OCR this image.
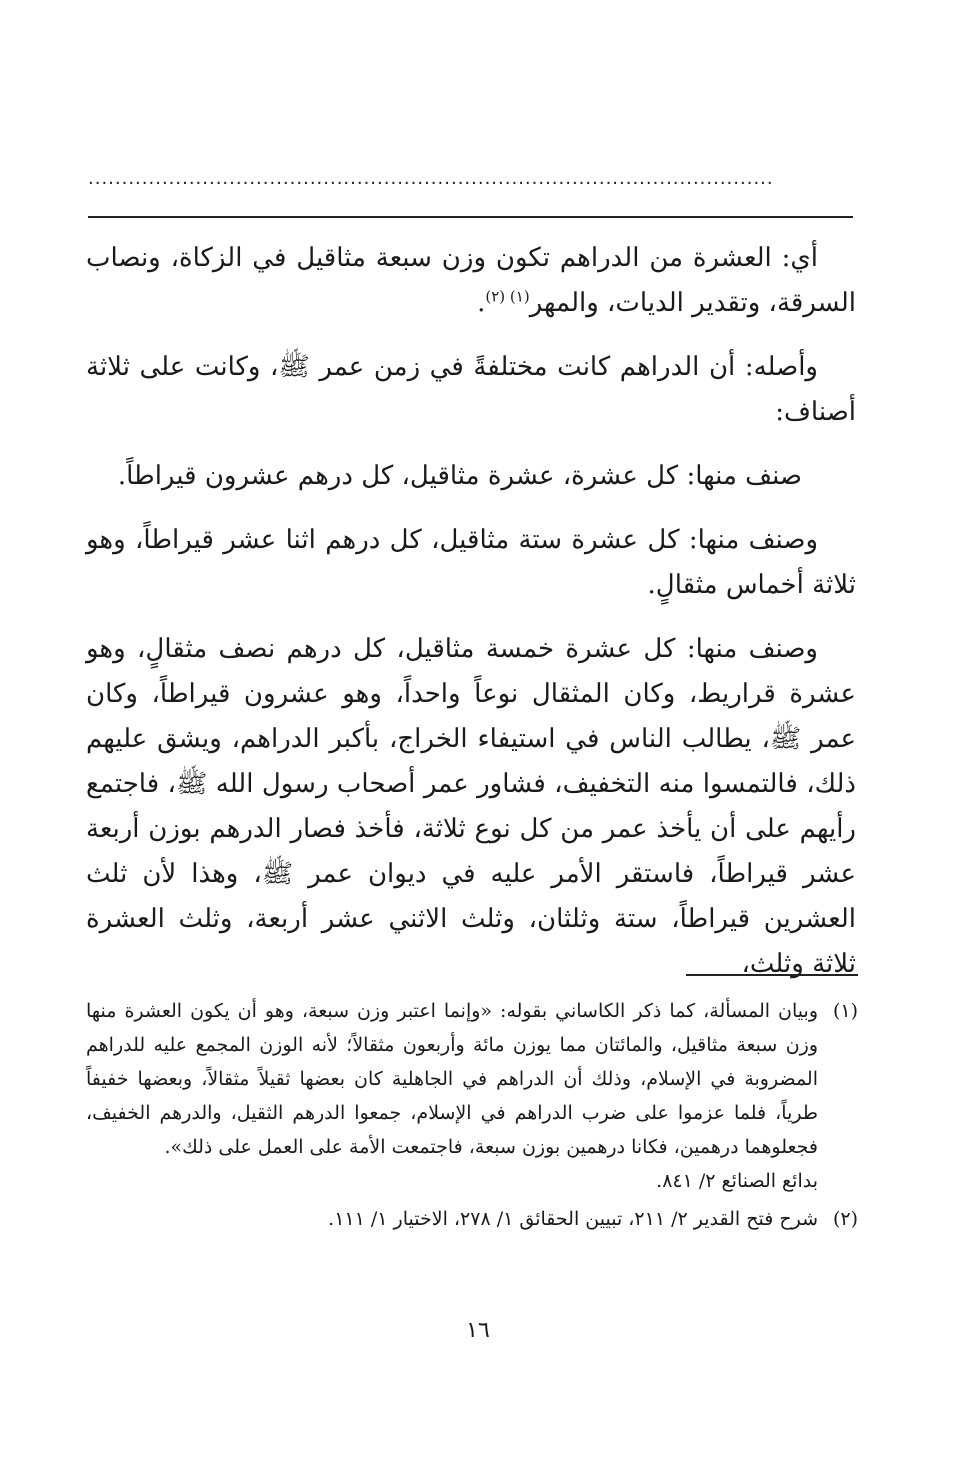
......................................................................................................

أي: العشرة من الدراهم تكون وزن سبعة مثاقيل في الزكاة، ونصاب السرقة، وتقدير الديات، والمهر$^{(١) (٢)}$.

وأصله: أن الدراهم كانت مختلفةً في زمن عمر ﷺ، وكانت على ثلاثة أصناف:

صنف منها: كل عشرة، عشرة مثاقيل، كل درهم عشرون قيراطاً.

وصنف منها: كل عشرة ستة مثاقيل، كل درهم اثنا عشر قيراطاً، وهو ثلاثة أخماس مثقالٍ.

وصنف منها: كل عشرة خمسة مثاقيل، كل درهم نصف مثقالٍ، وهو عشرة قراريط، وكان المثقال نوعاً واحداً، وهو عشرون قيراطاً، وكان عمر ﷺ، يطالب الناس في استيفاء الخراج، بأكبر الدراهم، ويشق عليهم ذلك، فالتمسوا منه التخفيف، فشاور عمر أصحاب رسول الله ﷺ، فاجتمع رأيهم على أن يأخذ عمر من كل نوع ثلاثة، فأخذ فصار الدرهم بوزن أربعة عشر قيراطاً، فاستقر الأمر عليه في ديوان عمر ﷺ، وهذا لأن ثلث العشرين قيراطاً، ستة وثلثان، وثلث الاثني عشر أربعة، وثلث العشرة ثلاثة وثلث،

(١)
وبيان المسألة، كما ذكر الكاساني بقوله: «وإنما اعتبر وزن سبعة، وهو أن يكون العشرة منها وزن سبعة مثاقيل، والمائتان مما يوزن مائة وأربعون مثقالاً؛ لأنه الوزن المجمع عليه للدراهم المضروبة في الإسلام، وذلك أن الدراهم في الجاهلية كان بعضها ثقيلاً مثقالاً، وبعضها خفيفاً طرياً، فلما عزموا على ضرب الدراهم في الإسلام، جمعوا الدرهم الثقيل، والدرهم الخفيف، فجعلوهما درهمين، فكانا درهمين بوزن سبعة، فاجتمعت الأمة على العمل على ذلك».
بدائع الصنائع ٢/ ٨٤١.
(٢)
شرح فتح القدير ٢/ ٢١١، تبيين الحقائق ١/ ٢٧٨، الاختيار ١/ ١١١.
١٦
